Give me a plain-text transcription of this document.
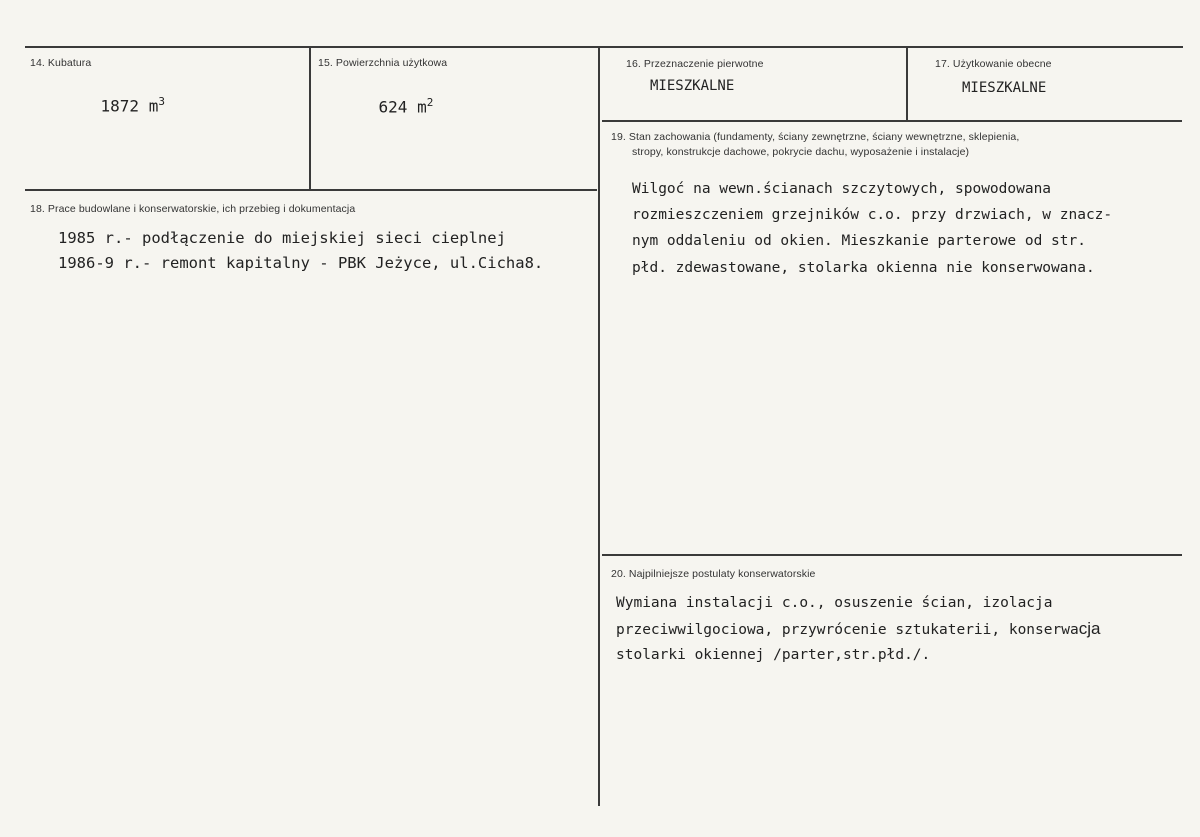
14. Kubatura

1872 $m^3$

15. Powierzchnia użytkowa

624 $m^2$

16. Przeznaczenie pierwotne
MIESZKALNE
17. Użytkowanie obecne
MIESZKALNE
18. Prace budowlane i konserwatorskie, ich przebieg i dokumentacja
1985 r.- podłączenie do miejskiej sieci cieplnej
1986-9 r.- remont kapitalny - PBK Jeżyce, ul.Cicha8.
19. Stan zachowania (fundamenty, ściany zewnętrzne, ściany wewnętrzne, sklepienia,
stropy, konstrukcje dachowe, pokrycie dachu, wyposażenie i instalacje)
Wilgoć na wewn.ścianach szczytowych, spowodowana
rozmieszczeniem grzejników c.o. przy drzwiach, w znacz-
nym oddaleniu od okien. Mieszkanie parterowe od str.
płd. zdewastowane, stolarka okienna nie konserwowana.
20. Najpilniejsze postulaty konserwatorskie
Wymiana instalacji c.o., osuszenie ścian, izolacja
przeciwwilgociowa, przywrócenie sztukaterii, konserwacja
stolarki okiennej /parter,str.płd./.
